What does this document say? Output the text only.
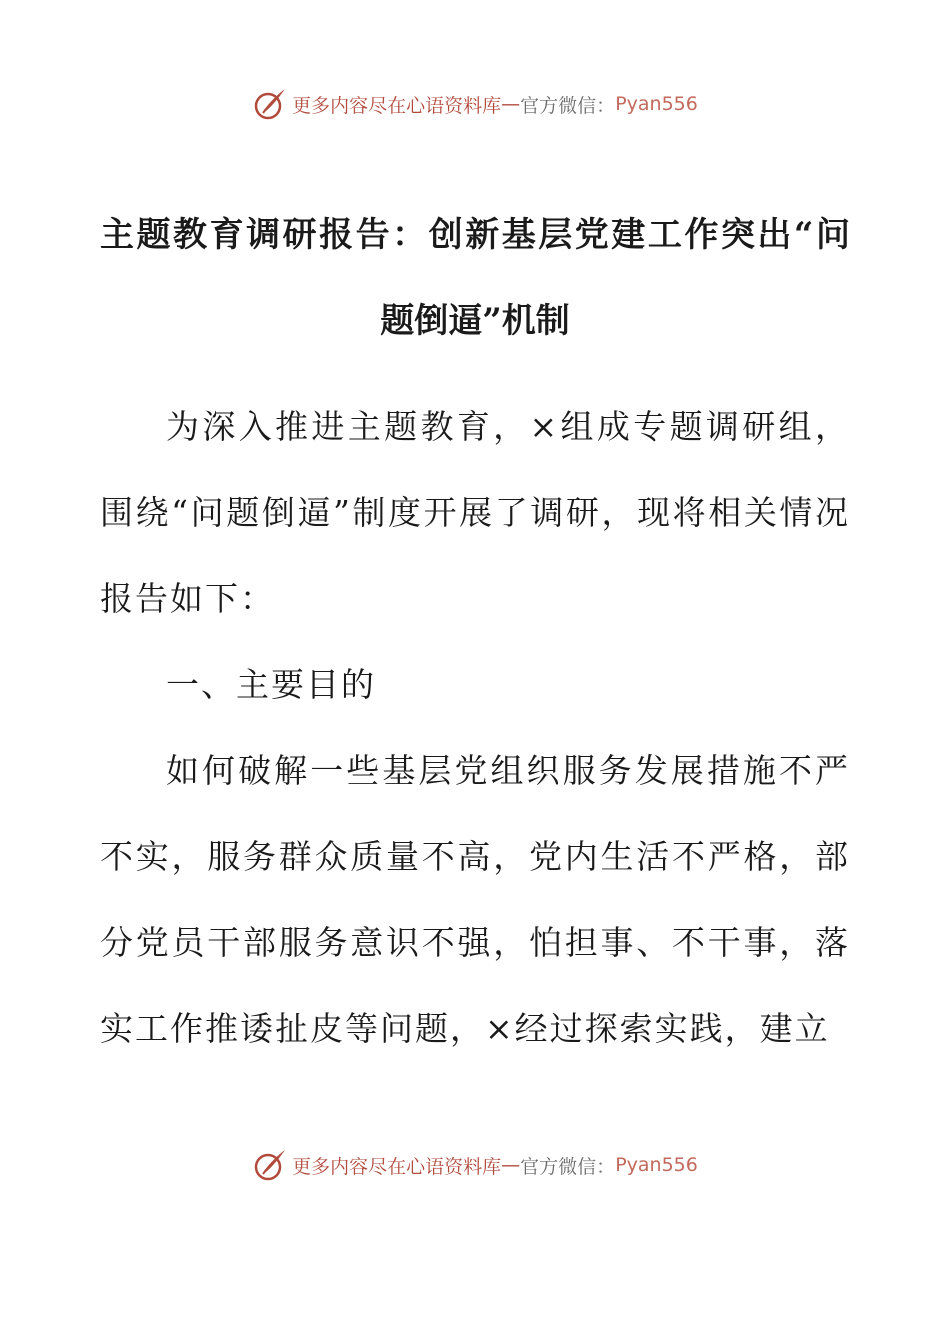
更多内容尽在心语资料库 — 官方微信： Pyan556
主题教育调研报告：创新基层党建工作突出“问
题倒逼”机制

为深入推进主题教育，×组成专题调研组，围绕“问题倒逼”制度开展了调研，现将相关情况报告如下：

一、主要目的

如何破解一些基层党组织服务发展措施不严不实，服务群众质量不高，党内生活不严格，部分党员干部服务意识不强，怕担事、不干事，落实工作推诿扯皮等问题，×经过探索实践，建立

更多内容尽在心语资料库 — 官方微信： Pyan556
